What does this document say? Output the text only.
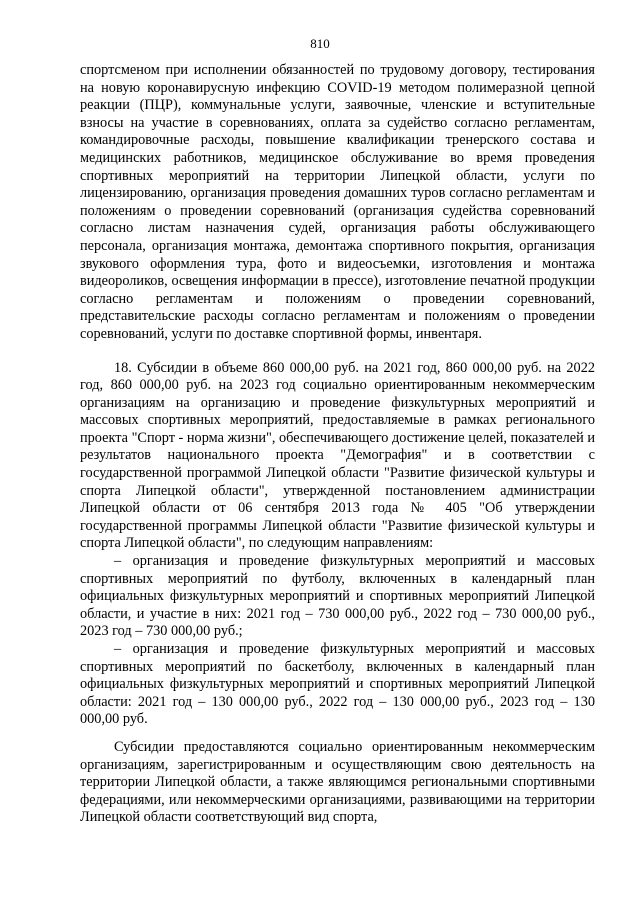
810

спортсменом при исполнении обязанностей по трудовому договору, тестирования на новую коронавирусную инфекцию COVID-19 методом полимеразной цепной реакции (ПЦР), коммунальные услуги, заявочные, членские и вступительные взносы на участие в соревнованиях, оплата за судейство согласно регламентам, командировочные расходы, повышение квалификации тренерского состава и медицинских работников, медицинское обслуживание во время проведения спортивных мероприятий на территории Липецкой области, услуги по лицензированию, организация проведения домашних туров согласно регламентам и положениям о проведении соревнований (организация судейства соревнований согласно листам назначения судей, организация работы обслуживающего персонала, организация монтажа, демонтажа спортивного покрытия, организация звукового оформления тура, фото и видеосъемки, изготовления и монтажа видеороликов, освещения информации в прессе), изготовление печатной продукции согласно регламентам и положениям о проведении соревнований, представительские расходы согласно регламентам и положениям о проведении соревнований, услуги по доставке спортивной формы, инвентаря.

18. Субсидии в объеме 860 000,00 руб. на 2021 год, 860 000,00 руб. на 2022 год, 860 000,00 руб. на 2023 год социально ориентированным некоммерческим организациям на организацию и проведение физкультурных мероприятий и массовых спортивных мероприятий, предоставляемые в рамках регионального проекта "Спорт - норма жизни", обеспечивающего достижение целей, показателей и результатов национального проекта "Демография" и в соответствии с государственной программой Липецкой области "Развитие физической культуры и спорта Липецкой области", утвержденной постановлением администрации Липецкой области от 06 сентября 2013 года № 405 "Об утверждении государственной программы Липецкой области "Развитие физической культуры и спорта Липецкой области", по следующим направлениям:

– организация и проведение физкультурных мероприятий и массовых спортивных мероприятий по футболу, включенных в календарный план официальных физкультурных мероприятий и спортивных мероприятий Липецкой области, и участие в них: 2021 год – 730 000,00 руб., 2022 год – 730 000,00 руб., 2023 год – 730 000,00 руб.;

– организация и проведение физкультурных мероприятий и массовых спортивных мероприятий по баскетболу, включенных в календарный план официальных физкультурных мероприятий и спортивных мероприятий Липецкой области: 2021 год – 130 000,00 руб., 2022 год – 130 000,00 руб., 2023 год – 130 000,00 руб.

Субсидии предоставляются социально ориентированным некоммерческим организациям, зарегистрированным и осуществляющим свою деятельность на территории Липецкой области, а также являющимся региональными спортивными федерациями, или некоммерческими организациями, развивающими на территории Липецкой области соответствующий вид спорта,
